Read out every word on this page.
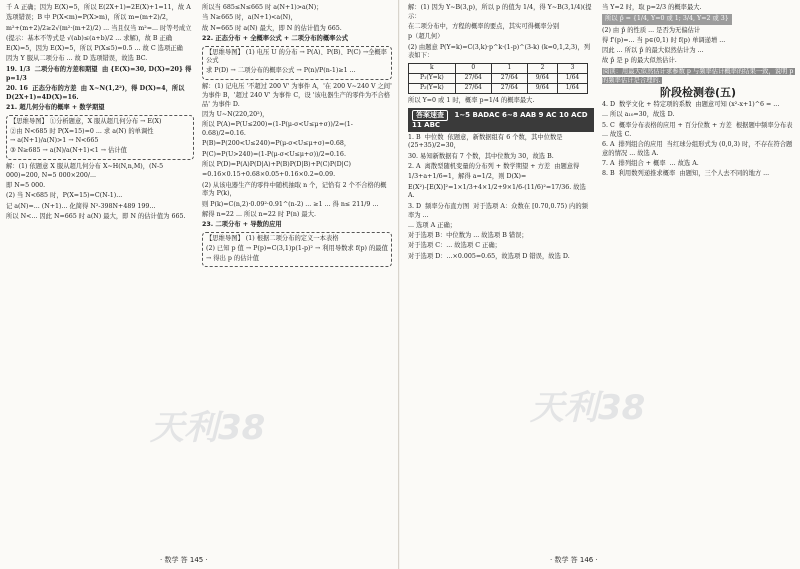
千 A 正确；因为 E(X)=5，所以 E(2X+1)=2E(X)+1=11，故 A

选项错误；B 中 P(X<m)=P(X>m)，所以 m=(m+2)/2，

m²+(m+2)/2≥2√(m²·(m+2)/2) ... 当且仅当 m²=... 时等号成立

(提示：基本不等式是 √(ab)≤(a+b)/2 ... 求解)，故 B 正确

E(X)=5，因为 E(X)=5，所以 P(X≤5)=0.5 ... 故 C 选项正确

因为 Y 服从二项分布 ... 故 D 选项错误，故选 BC.

19. 1/3  二项分布的方差和期望  由 {E(X)=30, D(X)=20} 得 p=1/3

20. 16  正态分布的方差  由 X~N(1,2²)，得 D(X)=4，所以 D(2X+1)=4D(X)=16.

21. 超几何分布的概率 + 数学期望

【思维导图】 ①分析题意，X 服从超几何分布 → E(X)

②由 N<685 时 P(X=15)=0 ... 求 a(N) 的单调性

→ a(N+1)/a(N)>1 → N<665

③ N≥685 → a(N)/a(N+1)<1 → 估计值

解：(1) 依题意 X 服从超几何分布 X~H(N,n,M)，(N-5 000)=200, N=5 000×200/...

即 N=5 000.

(2) 当 N<685 时，P(X=15)=C(N-1)...

记 a(N)=... (N+1)... 化简得 N²-398N+489 199...

所以 N<... 因此 N=665 时 a(N) 最大，即 N 的估计值为 665.

所以当 685≤N≤665 时 a(N+1)>a(N)；

当 N≥665 时，a(N+1)<a(N)，

故 N=665 时 a(N) 最大，即 N 的估计值为 665.

22. 正态分布 + 全概率公式 + 二项分布的概率公式

【思维导图】 (1) 电压 U 的分布 → P(A)、P(B)、P(C) →全概率公式

求 P(D) → 二项分布的概率公式 → P(n)/P(n-1)≥1 ...

解：(1) 记电压 '不超过 200 V' 为事件 A，'在 200 V~240 V 之间' 为事件 B，'超过 240 V' 为事件 C，设 '该电器生产的零件为不合格品' 为事件 D.

因为 U~N(220,20²)，

所以 P(A)=P(U≤200)=(1-P(μ-σ<U≤μ+σ))/2=(1-0.68)/2=0.16.

P(B)=P(200<U≤240)=P(μ-σ<U≤μ+σ)=0.68，

P(C)=P(U>240)=(1-P(μ-σ<U≤μ+σ))/2=0.16.

所以 P(D)=P(A)P(D|A)+P(B)P(D|B)+P(C)P(D|C)

=0.16×0.15+0.68×0.05+0.16×0.2=0.09.

(2) 从该电器生产的零件中随机抽取 n 个，记恰有 2 个不合格的概率为 P(k)，

则 P(k)=C(n,2)·0.09²·0.91^(n-2) ... ≥1 ... 得 n≤ 211/9 ...

解得 n=22 ... 所以 n=22 时 P(n) 最大.

23. 二项分布 + 导数的应用

【思维导图】 (1) 根据二项分布的定义一本表格

(2) 已知 p 值 → P(p)=C(3,1)p(1-p)² → 利用导数求 f(p) 的最值

→ 得出 p 的估计值

天利38
· 数学 答 145 ·

解：(1) 因为 Y~B(3,p)，所以 p 的值为 1/4，得 Y~B(3,1/4)(提示：

在二项分布中，方程的概率的要点，其实可得概率分别

p（超几何）

(2) 由题意 P(Y=k)=C(3,k)·p^k·(1-p)^(3-k) (k=0,1,2,3)，列表如下：

k	0	1	2	3
P₁(Y=k)	27/64	27/64	9/64	1/64
P₂(Y=k)	27/64	27/64	9/64	1/64

所以 Y=0 或 1 时，概率 p=1/4 的概率最大.

答案速查 1~5 BADAC 6~8 AAB 9 AC 10 ACD 11 ABC

1. B  中位数  依题意，新数据组有 6 个数，其中位数是 (25+35)/2=30，

30. 易知新数据有 7 个数，其中位数为 30，故选 B.

2. A  离散型随机变量的分布列 + 数学期望 + 方差  由题意得

1/3+a+1/6=1，解得 a=1/2，则 D(X)=

E(X²)-[E(X)]²=1×1/3+4×1/2+9×1/6-(11/6)²=17/36. 故选 A.

3. D  频率分布直方图  对于选项 A：众数在 [0.70,0.75) 内的频率为 ...

... 选项 A 正确；

对于选项 B：中位数为 ... 故选项 B 错误；

对于选项 C：... 故选项 C 正确；

对于选项 D：...×0.005=0.65，故选项 D 错误，故选 D.

当 Y=2 时，取 p=2/3 的概率最大.

所以 p̂ = {1/4, Y=0 或 1; 3/4, Y=2 或 3}

(2) 由 p̂ 的性质 ... 是否为无偏估计

得 f'(p)=... 当 p∈(0,1) 时 f(p) 单调递增 ...

因此 ... 所以 p̂ 的最大似然估计为 ...

故 p̂ 是 p 的最大似然估计.

阅读：用最大似然估计求参数 p 与频率估计概率的结果一致，说明 p 的频率估计是合理的.

阶段检测卷(五)

4. D  数学文化 + 特定项的系数  由题意可知 (x²-x+1)^6 = ...

... 所以 a₁₀=30，故选 D.

5. C  概率分布表格的应用 + 百分位数 + 方差  根据题中频率分布表 ... 故选 C.

6. A  排列组合的应用  当红球分组形式为 (0,0,3) 时，不存在符合题意的情况 ... 故选 A.

7. A  排列组合 + 概率  ... 故选 A.

8. B  利用数列递推求概率  由题知，三个人去不同的地方 ...

天利38
· 数学 答 146 ·
